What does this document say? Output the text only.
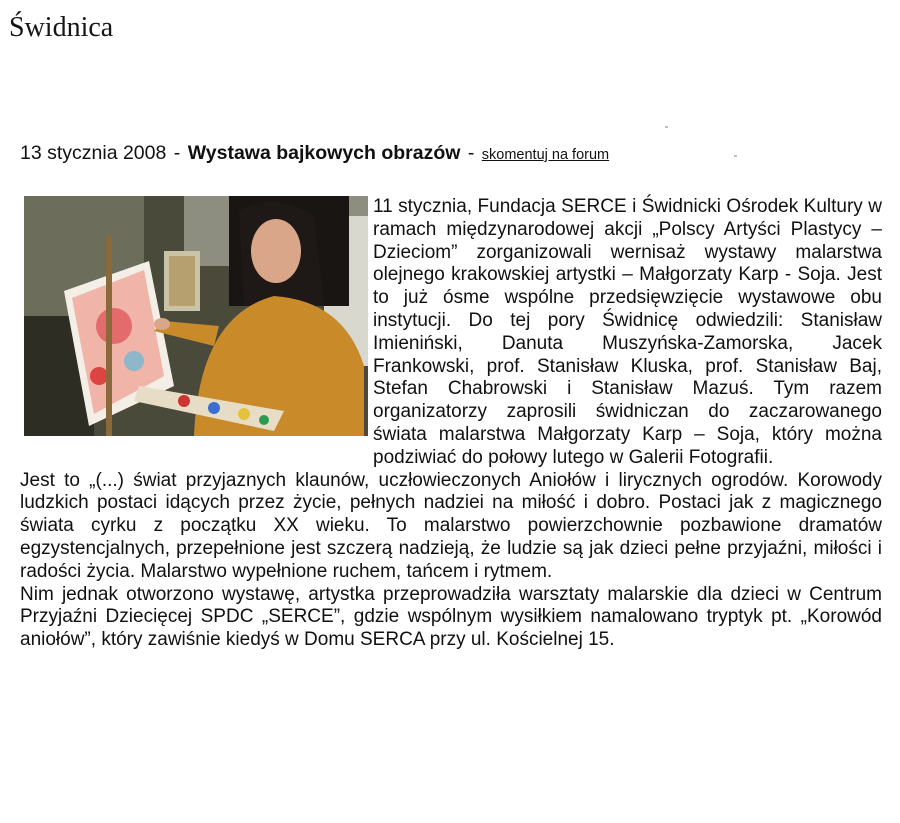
Świdnica
13 stycznia 2008 - Wystawa bajkowych obrazów - skomentuj na forum

11 stycznia, Fundacja SERCE i Świdnicki Ośrodek Kultury w ramach międzynarodowej akcji „Polscy Artyści Plastycy – Dzieciom” zorganizowali wernisaż wystawy malarstwa olejnego krakowskiej artystki – Małgorzaty Karp - Soja. Jest to już ósme wspólne przedsięwzięcie wystawowe obu instytucji. Do tej pory Świdnicę odwiedzili: Stanisław Imieniński, Danuta Muszyńska-Zamorska, Jacek Frankowski, prof. Stanisław Kluska, prof. Stanisław Baj, Stefan Chabrowski i Stanisław Mazuś. Tym razem organizatorzy zaprosili świdniczan do zaczarowanego świata malarstwa Małgorzaty Karp – Soja, który można podziwiać do połowy lutego w Galerii Fotografii.

Jest to „(...) świat przyjaznych klaunów, uczłowieczonych Aniołów i lirycznych ogrodów. Korowody ludzkich postaci idących przez życie, pełnych nadziei na miłość i dobro. Postaci jak z magicznego świata cyrku z początku XX wieku. To malarstwo powierzchownie pozbawione dramatów egzystencjalnych, przepełnione jest szczerą nadzieją, że ludzie są jak dzieci pełne przyjaźni, miłości i radości życia. Malarstwo wypełnione ruchem, tańcem i rytmem.

Nim jednak otworzono wystawę, artystka przeprowadziła warsztaty malarskie dla dzieci w Centrum Przyjaźni Dziecięcej SPDC „SERCE”, gdzie wspólnym wysiłkiem namalowano tryptyk pt. „Korowód aniołów”, który zawiśnie kiedyś w Domu SERCA przy ul. Kościelnej 15.
